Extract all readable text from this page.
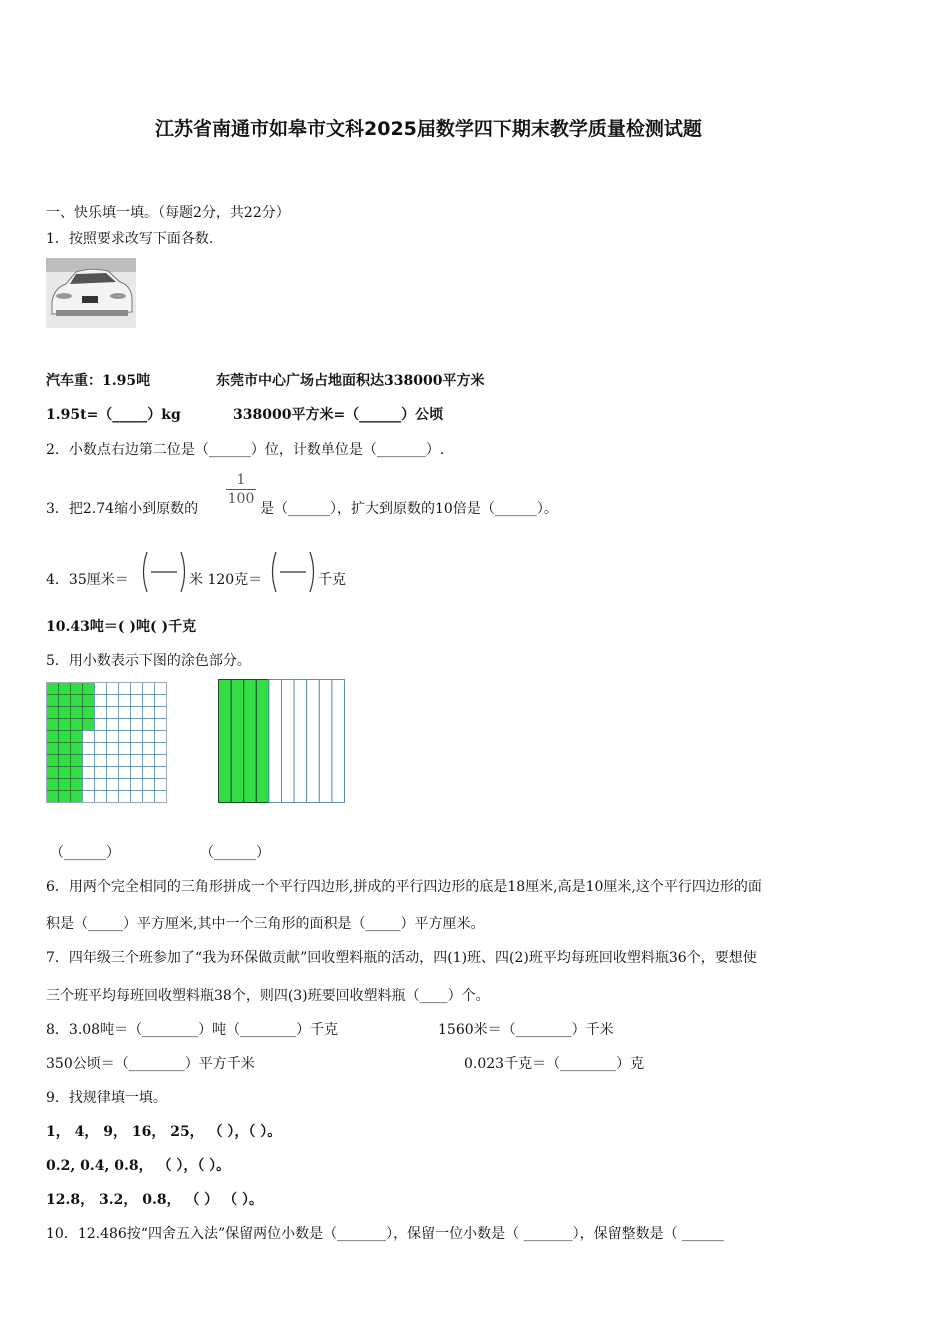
江苏省南通市如皋市文科2025届数学四下期末教学质量检测试题
一、快乐填一填。（每题2分，共22分）
1．按照要求改写下面各数.
汽车重：1.95吨	东莞市中心广场占地面积达338000平方米
1.95t=（_____）kg	338000平方米=（______）公顷
2．小数点右边第二位是（______）位，计数单位是（_______）.
3．把2.74缩小到原数的
1
100
是（______），扩大到原数的10倍是（______）。
4．35厘米＝	米 120克＝	千克
10.43吨＝( )吨( )千克
5．用小数表示下图的涂色部分。
（______）	（______）
6．用两个完全相同的三角形拼成一个平行四边形,拼成的平行四边形的底是18厘米,高是10厘米,这个平行四边形的面
积是（_____）平方厘米,其中一个三角形的面积是（_____）平方厘米。
7．四年级三个班参加了“我为环保做贡献”回收塑料瓶的活动，四(1)班、四(2)班平均每班回收塑料瓶36个，要想使
三个班平均每班回收塑料瓶38个，则四(3)班要回收塑料瓶（____）个。
8．3.08吨＝（________）吨（________）千克	1560米＝（________）千米
350公顷＝（________）平方千米	0.023千克＝（________）克
9．找规律填一填。
1， 4， 9， 16， 25， （ ），（ ）。
0.2, 0.4, 0.8， （ ），（ ）。
12.8， 3.2， 0.8， （ ） （ ）。
10．12.486按“四舍五入法”保留两位小数是（_______），保留一位小数是（ _______），保留整数是（ ______
